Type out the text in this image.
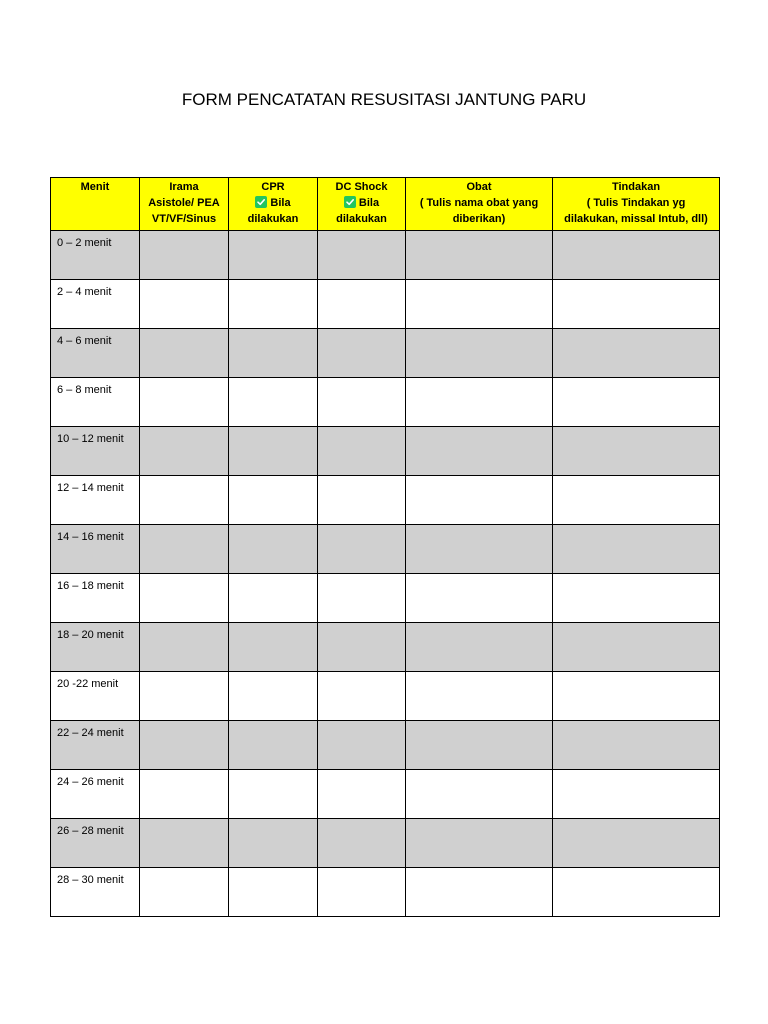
FORM PENCATATAN RESUSITASI JANTUNG PARU
Menit	Irama
Asistole/ PEA
VT/VF/Sinus	CPR
Bila
dilakukan	DC Shock
Bila
dilakukan	Obat
( Tulis nama obat yang
diberikan)	Tindakan
( Tulis Tindakan yg
dilakukan, missal Intub, dll)

0 – 2 menit					
2 – 4 menit					
4 – 6 menit					
6 – 8 menit					
10 – 12 menit					
12 – 14 menit					
14 – 16 menit					
16 – 18 menit					
18 – 20 menit					
20 -22 menit					
22 – 24 menit					
24 – 26 menit					
26 – 28 menit					
28 – 30 menit					
